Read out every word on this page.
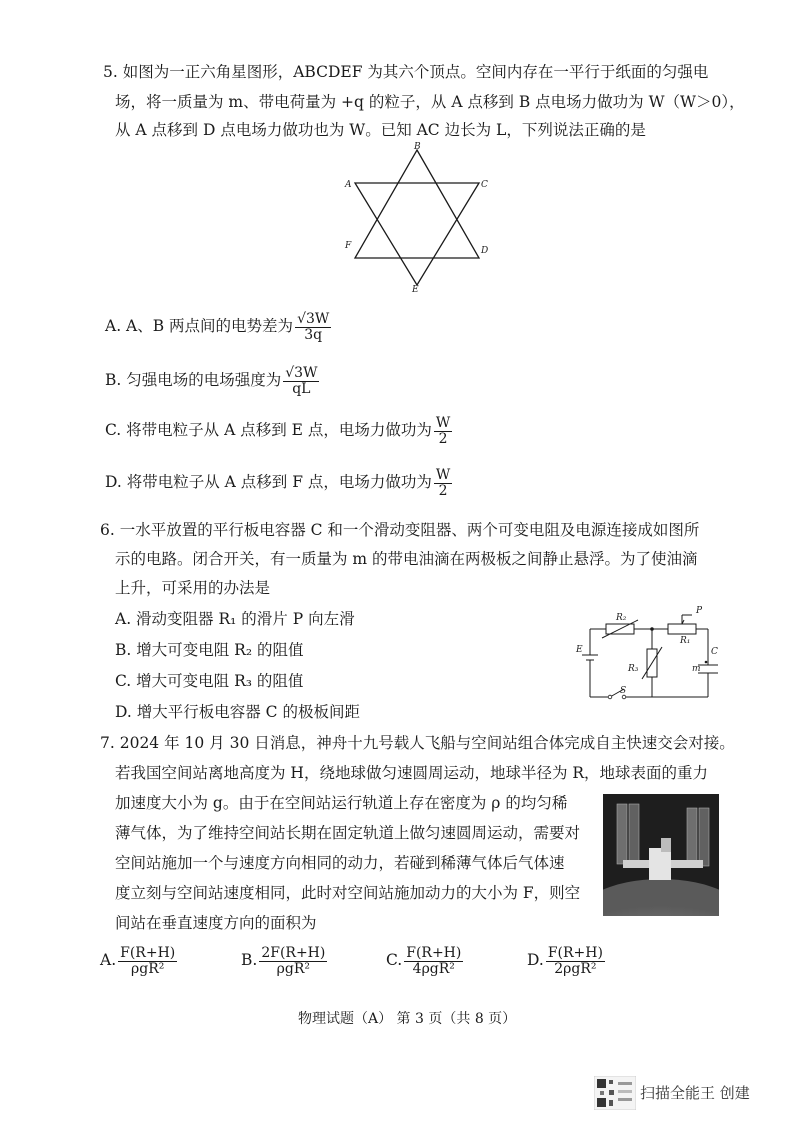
5. 如图为一正六角星图形，ABCDEF 为其六个顶点。空间内存在一平行于纸面的匀强电
场，将一质量为 m、带电荷量为 +q 的粒子，从 A 点移到 B 点电场力做功为 W（W＞0），
从 A 点移到 D 点电场力做功也为 W。已知 AC 边长为 L，下列说法正确的是
B
A	C
F	D
E
A. A、B 两点间的电势差为 $\frac{√3W}{3q}$
B. 匀强电场的电场强度为 $\frac{√3W}{qL}$
C. 将带电粒子从 A 点移到 E 点，电场力做功为 $\frac{W}{2}$
D. 将带电粒子从 A 点移到 F 点，电场力做功为 $\frac{W}{2}$
6. 一水平放置的平行板电容器 C 和一个滑动变阻器、两个可变电阻及电源连接成如图所
示的电路。闭合开关，有一质量为 m 的带电油滴在两极板之间静止悬浮。为了使油滴
上升，可采用的办法是
A. 滑动变阻器 R₁ 的滑片 P 向左滑
B. 增大可变电阻 R₂ 的阻值
C. 增大可变电阻 R₃ 的阻值
D. 增大平行板电容器 C 的极板间距
R₂
P
R₁
E
R₃
C
m
S
7. 2024 年 10 月 30 日消息，神舟十九号载人飞船与空间站组合体完成自主快速交会对接。
若我国空间站离地高度为 H，绕地球做匀速圆周运动，地球半径为 R，地球表面的重力
加速度大小为 g。由于在空间站运行轨道上存在密度为 ρ 的均匀稀
薄气体，为了维持空间站长期在固定轨道上做匀速圆周运动，需要对
空间站施加一个与速度方向相同的动力，若碰到稀薄气体后气体速
度立刻与空间站速度相同，此时对空间站施加动力的大小为 F，则空
间站在垂直速度方向的面积为
A. $\frac{F(R+H)}{\text{ρgR²}}$	B. $\frac{2F(R+H)}{\text{ρgR²}}$	C. $\frac{F(R+H)}{\text{4ρgR²}}$	D. $\frac{F(R+H)}{\text{2ρgR²}}$
物理试题（A） 第 3 页（共 8 页）
扫描全能王 创建
